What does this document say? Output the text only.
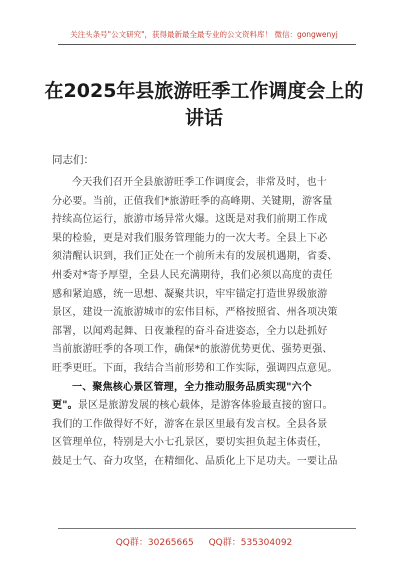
关注头条号"公文研究"，获得最新最全最专业的公文资料库！ 微信：gongwenyj
在2025年县旅游旺季工作调度会上的讲话
同志们：
今天我们召开全县旅游旺季工作调度会，非常及时，也十
分必要。当前，正值我们*旅游旺季的高峰期、关键期，游客量
持续高位运行，旅游市场异常火爆。这既是对我们前期工作成
果的检验，更是对我们服务管理能力的一次大考。全县上下必
须清醒认识到，我们正处在一个前所未有的发展机遇期，省委、
州委对*寄予厚望，全县人民充满期待，我们必须以高度的责任
感和紧迫感，统一思想、凝聚共识，牢牢锚定打造世界级旅游
景区，建设一流旅游城市的宏伟目标，严格按照省、州各项决策
部署，以闻鸡起舞、日夜兼程的奋斗奋进姿态，全力以赴抓好
当前旅游旺季的各项工作，确保*的旅游优势更优、强势更强、
旺季更旺。下面，我结合当前形势和工作实际，强调四点意见。
一、聚焦核心景区管理，全力推动服务品质实现"六个
更"。景区是旅游发展的核心载体，是游客体验最直接的窗口。
我们的工作做得好不好，游客在景区里最有发言权。全县各景
区管理单位，特别是大小七孔景区，要切实担负起主体责任，
鼓足士气、奋力攻坚，在精细化、品质化上下足功夫。一要让品
QQ群：30265665 QQ群：535304092
